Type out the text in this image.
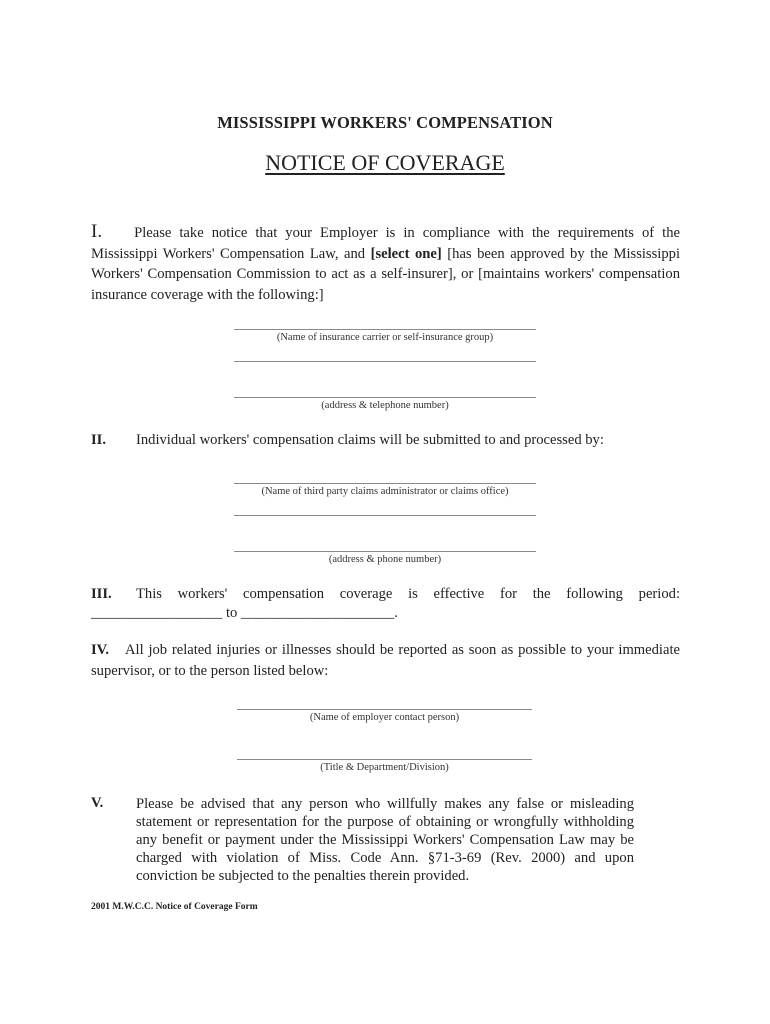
MISSISSIPPI WORKERS' COMPENSATION
NOTICE OF COVERAGE
I. Please take notice that your Employer is in compliance with the requirements of the Mississippi Workers' Compensation Law, and [select one] [has been approved by the Mississippi Workers' Compensation Commission to act as a self-insurer], or [maintains workers' compensation insurance coverage with the following:]
(Name of insurance carrier or self-insurance group)
(address & telephone number)
II. Individual workers' compensation claims will be submitted to and processed by:
(Name of third party claims administrator or claims office)
(address & phone number)
III. This workers' compensation coverage is effective for the following period:
__________________ to _____________________.
IV. All job related injuries or illnesses should be reported as soon as possible to your immediate supervisor, or to the person listed below:
(Name of employer contact person)
(Title & Department/Division)
V. Please be advised that any person who willfully makes any false or misleading statement or representation for the purpose of obtaining or wrongfully withholding any benefit or payment under the Mississippi Workers' Compensation Law may be charged with violation of Miss. Code Ann. §71-3-69 (Rev. 2000) and upon conviction be subjected to the penalties therein provided.
2001 M.W.C.C. Notice of Coverage Form
